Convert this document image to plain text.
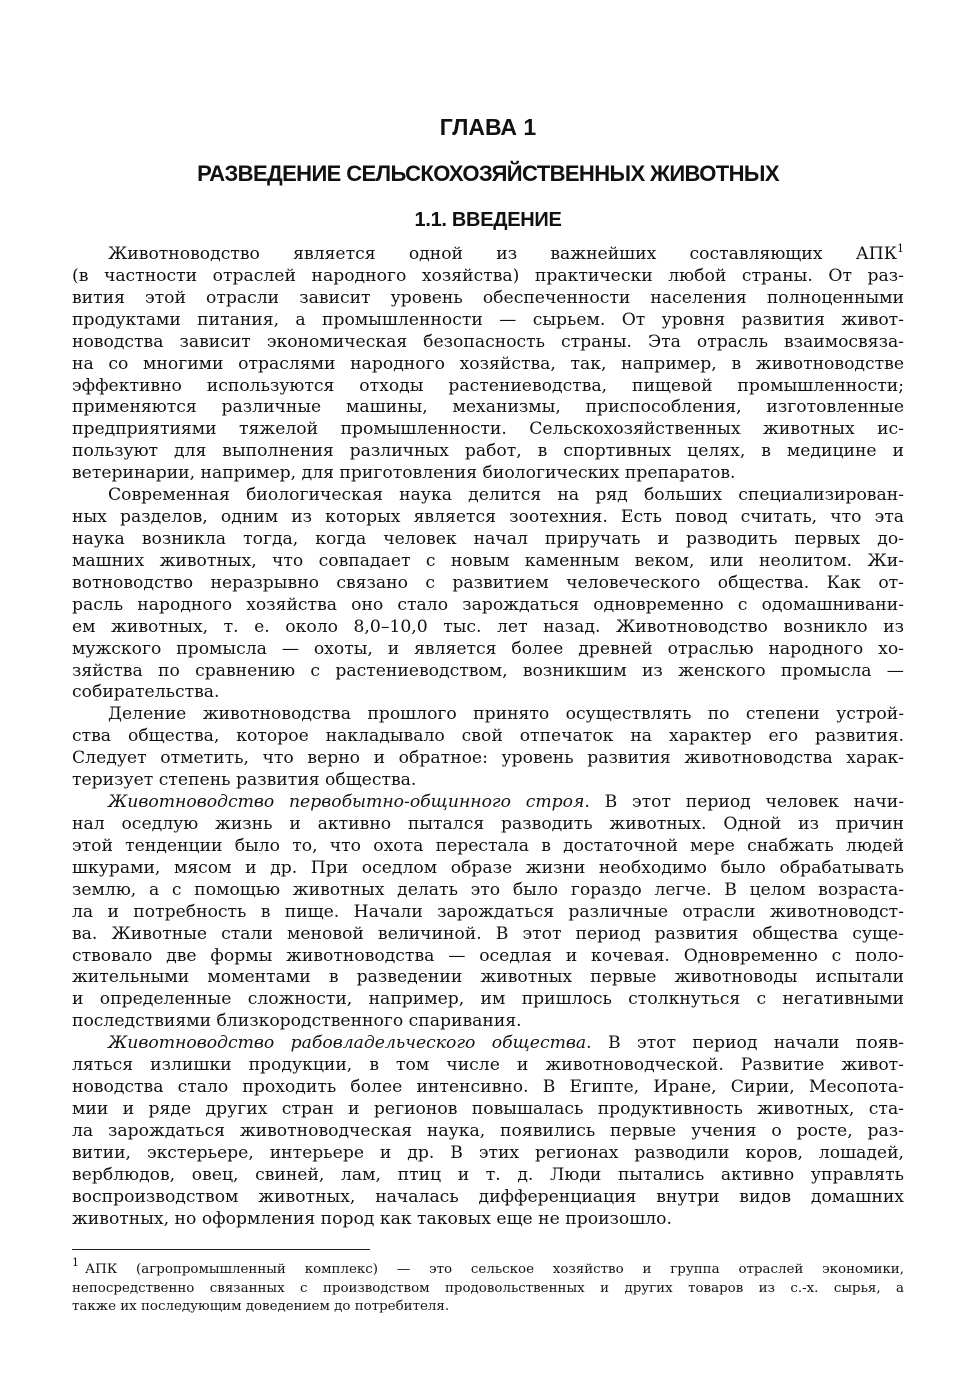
ГЛАВА 1
РАЗВЕДЕНИЕ СЕЛЬСКОХОЗЯЙСТВЕННЫХ ЖИВОТНЫХ
1.1. ВВЕДЕНИЕ
Животноводство является одной из важнейших составляющих АПК$^1$
(в частности отраслей народного хозяйства) практически любой страны. От раз-
вития этой отрасли зависит уровень обеспеченности населения полноценными
продуктами питания, а промышленности — сырьем. От уровня развития живот-
новодства зависит экономическая безопасность страны. Эта отрасль взаимосвяза-
на со многими отраслями народного хозяйства, так, например, в животноводстве
эффективно используются отходы растениеводства, пищевой промышленности;
применяются различные машины, механизмы, приспособления, изготовленные
предприятиями тяжелой промышленности. Сельскохозяйственных животных ис-
пользуют для выполнения различных работ, в спортивных целях, в медицине и
ветеринарии, например, для приготовления биологических препаратов.
Современная биологическая наука делится на ряд больших специализирован-
ных разделов, одним из которых является зоотехния. Есть повод считать, что эта
наука возникла тогда, когда человек начал приручать и разводить первых до-
машних животных, что совпадает с новым каменным веком, или неолитом. Жи-
вотноводство неразрывно связано с развитием человеческого общества. Как от-
расль народного хозяйства оно стало зарождаться одновременно с одомашнивани-
ем животных, т. е. около 8,0–10,0 тыс. лет назад. Животноводство возникло из
мужского промысла — охоты, и является более древней отраслью народного хо-
зяйства по сравнению с растениеводством, возникшим из женского промысла —
собирательства.
Деление животноводства прошлого принято осуществлять по степени устрой-
ства общества, которое накладывало свой отпечаток на характер его развития.
Следует отметить, что верно и обратное: уровень развития животноводства харак-
теризует степень развития общества.
Животноводство первобытно-общинного строя. В этот период человек начи-
нал оседлую жизнь и активно пытался разводить животных. Одной из причин
этой тенденции было то, что охота перестала в достаточной мере снабжать людей
шкурами, мясом и др. При оседлом образе жизни необходимо было обрабатывать
землю, а с помощью животных делать это было гораздо легче. В целом возраста-
ла и потребность в пище. Начали зарождаться различные отрасли животноводст-
ва. Животные стали меновой величиной. В этот период развития общества суще-
ствовало две формы животноводства — оседлая и кочевая. Одновременно с поло-
жительными моментами в разведении животных первые животноводы испытали
и определенные сложности, например, им пришлось столкнуться с негативными
последствиями близкородственного спаривания.
Животноводство рабовладельческого общества. В этот период начали появ-
ляться излишки продукции, в том числе и животноводческой. Развитие живот-
новодства стало проходить более интенсивно. В Египте, Иране, Сирии, Месопота-
мии и ряде других стран и регионов повышалась продуктивность животных, ста-
ла зарождаться животноводческая наука, появились первые учения о росте, раз-
витии, экстерьере, интерьере и др. В этих регионах разводили коров, лошадей,
верблюдов, овец, свиней, лам, птиц и т. д. Люди пытались активно управлять
воспроизводством животных, началась дифференциация внутри видов домашних
животных, но оформления пород как таковых еще не произошло.
$^1$ АПК (агропромышленный комплекс) — это сельское хозяйство и группа отраслей экономики,
непосредственно связанных с производством продовольственных и других товаров из с.-х. сырья, а
также их последующим доведением до потребителя.
